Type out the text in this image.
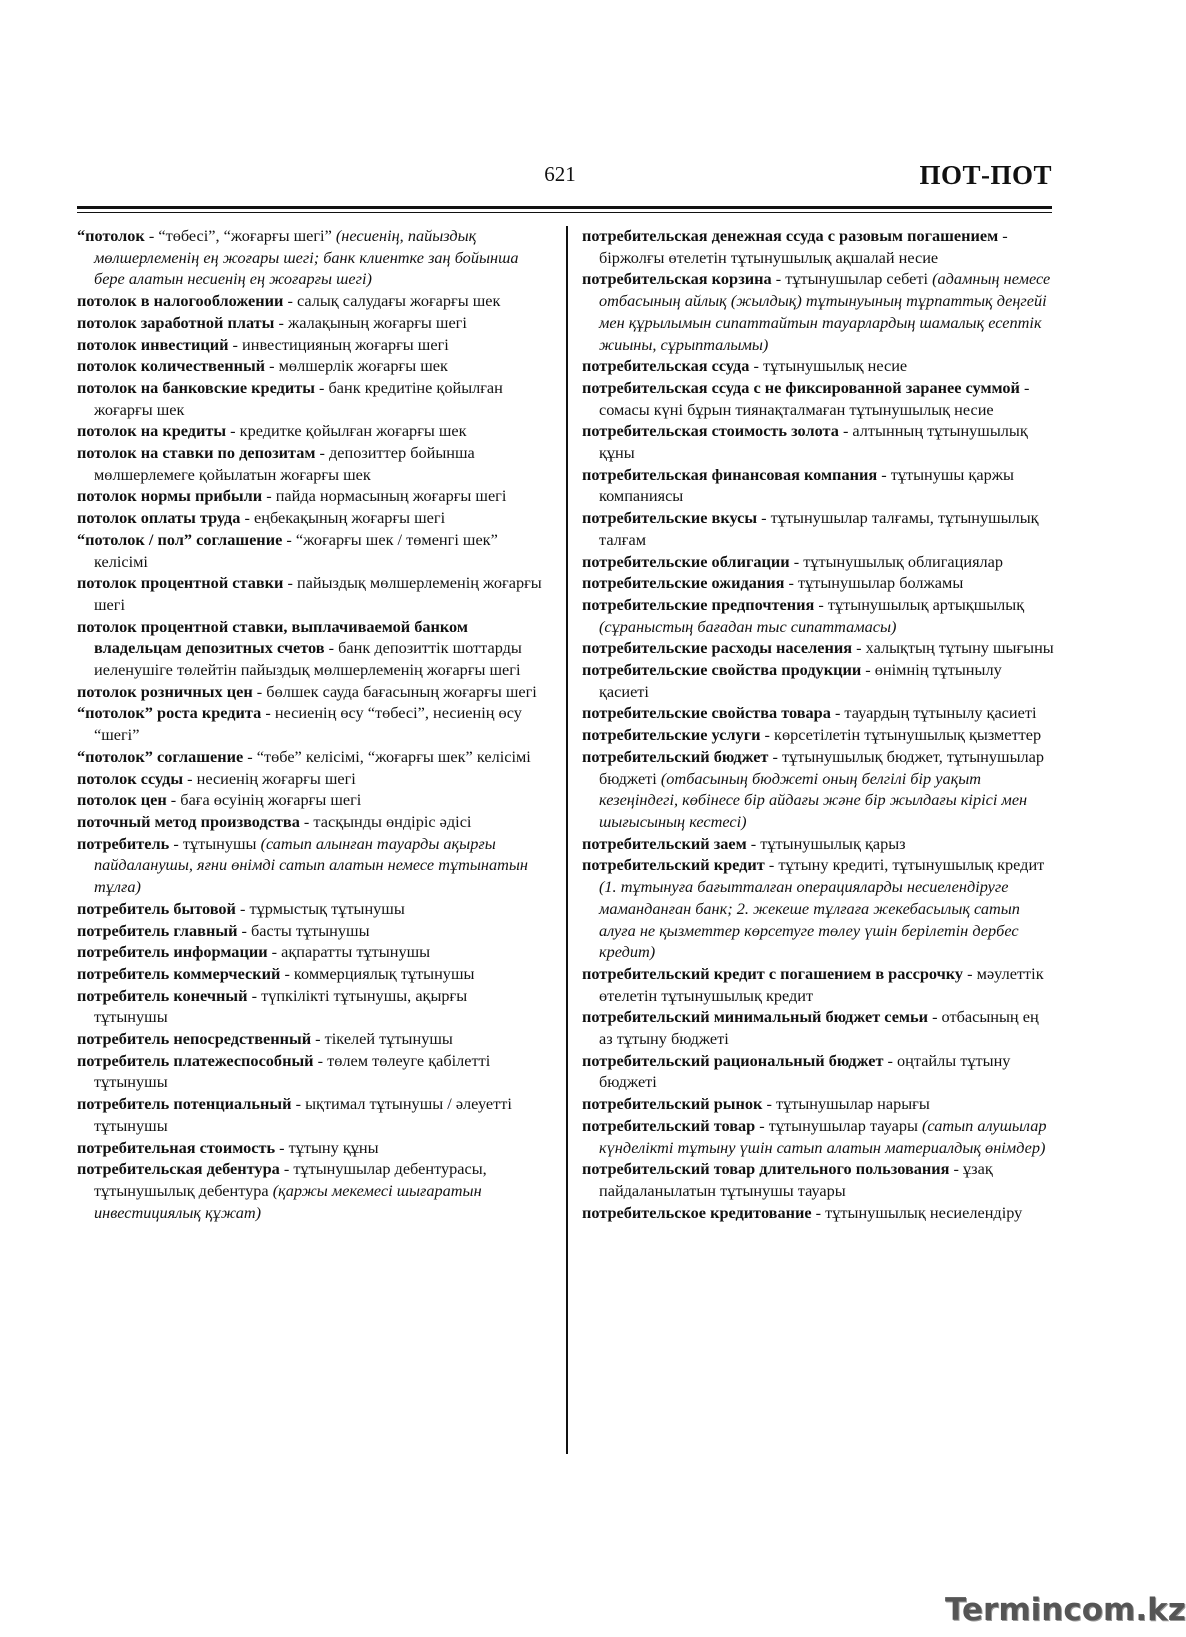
621	ПОТ-ПОТ

“потолок - “төбесі”, “жоғарғы шегі” (несиенің, пайыздық мөлшерлеменің ең жоғары шегі; банк клиентке заң бойынша бере алатын несиенің ең жоғарғы шегі)

потолок в налогообложении - салық салудағы жоғарғы шек

потолок заработной платы - жалақының жоғарғы шегі

потолок инвестиций - инвестицияның жоғарғы шегі

потолок количественный - мөлшерлік жоғарғы шек

потолок на банковские кредиты - банк кредитіне қойылған жоғарғы шек

потолок на кредиты - кредитке қойылған жоғарғы шек

потолок на ставки по депозитам - депозиттер бойынша мөлшерлемеге қойылатын жоғарғы шек

потолок нормы прибыли - пайда нормасының жоғарғы шегі

потолок оплаты труда - еңбекақының жоғарғы шегі

“потолок / пол” соглашение - “жоғарғы шек / төменгі шек” келісімі

потолок процентной ставки - пайыздық мөлшерлеменің жоғарғы шегі

потолок процентной ставки, выплачиваемой банком владельцам депозитных счетов - банк депозиттік шоттарды иеленушіге төлейтін пайыздық мөлшерлеменің жоғарғы шегі

потолок розничных цен - бөлшек сауда бағасының жоғарғы шегі

“потолок” роста кредита - несиенің өсу “төбесі”, несиенің өсу “шегі”

“потолок” соглашение - “төбе” келісімі, “жоғарғы шек” келісімі

потолок ссуды - несиенің жоғарғы шегі

потолок цен - баға өсуінің жоғарғы шегі

поточный метод производства - тасқынды өндіріс әдісі

потребитель - тұтынушы (сатып алынған тауарды ақырғы пайдаланушы, яғни өнімді сатып алатын немесе тұтынатын тұлға)

потребитель бытовой - тұрмыстық тұтынушы

потребитель главный - басты тұтынушы

потребитель информации - ақпаратты тұтынушы

потребитель коммерческий - коммерциялық тұтынушы

потребитель конечный - түпкілікті тұтынушы, ақырғы тұтынушы

потребитель непосредственный - тікелей тұтынушы

потребитель платежеспособный - төлем төлеуге қабілетті тұтынушы

потребитель потенциальный - ықтимал тұтынушы / әлеуетті тұтынушы

потребительная стоимость - тұтыну құны

потребительская дебентура - тұтынушылар дебентурасы, тұтынушылық дебентура (қаржы мекемесі шығаратын инвестициялық құжат)

потребительская денежная ссуда с разовым погашением - біржолғы өтелетін тұтынушылық ақшалай несие

потребительская корзина - тұтынушылар себеті (адамның немесе отбасының айлық (жылдық) тұтынуының тұрпаттық деңгейі мен құрылымын сипаттайтын тауарлардың шамалық есептік жиыны, сұрыпталымы)

потребительская ссуда - тұтынушылық несие

потребительская ссуда с не фиксированной заранее суммой - сомасы күні бұрын тиянақталмаған тұтынушылық несие

потребительская стоимость золота - алтынның тұтынушылық құны

потребительская финансовая компания - тұтынушы қаржы компаниясы

потребительские вкусы - тұтынушылар талғамы, тұтынушылық талғам

потребительские облигации - тұтынушылық облигациялар

потребительские ожидания - тұтынушылар болжамы

потребительские предпочтения - тұтынушылық артықшылық (сұраныстың бағадан тыс сипаттамасы)

потребительские расходы населения - халықтың тұтыну шығыны

потребительские свойства продукции - өнімнің тұтынылу қасиеті

потребительские свойства товара - тауардың тұтынылу қасиеті

потребительские услуги - көрсетілетін тұтынушылық қызметтер

потребительский бюджет - тұтынушылық бюджет, тұтынушылар бюджеті (отбасының бюджеті оның белгілі бір уақыт кезеңіндегі, көбінесе бір айдағы және бір жылдағы кірісі мен шығысының кестесі)

потребительский заем - тұтынушылық қарыз

потребительский кредит - тұтыну кредиті, тұтынушылық кредит (1. тұтынуға бағытталған операцияларды несиелендіруге маманданған банк; 2. жекеше тұлғаға жекебасылық сатып алуға не қызметтер көрсетуге төлеу үшін берілетін дербес кредит)

потребительский кредит с погашением в рассрочку - мәулеттік өтелетін тұтынушылық кредит

потребительский минимальный бюджет семьи - отбасының ең аз тұтыну бюджеті

потребительский рациональный бюджет - оңтайлы тұтыну бюджеті

потребительский рынок - тұтынушылар нарығы

потребительский товар - тұтынушылар тауары (сатып алушылар күнделікті тұтыну үшін сатып алатын материалдық өнімдер)

потребительский товар длительного пользования - ұзақ пайдаланылатын тұтынушы тауары

потребительское кредитование - тұтынушылық несиелендіру

Termincom.kz
